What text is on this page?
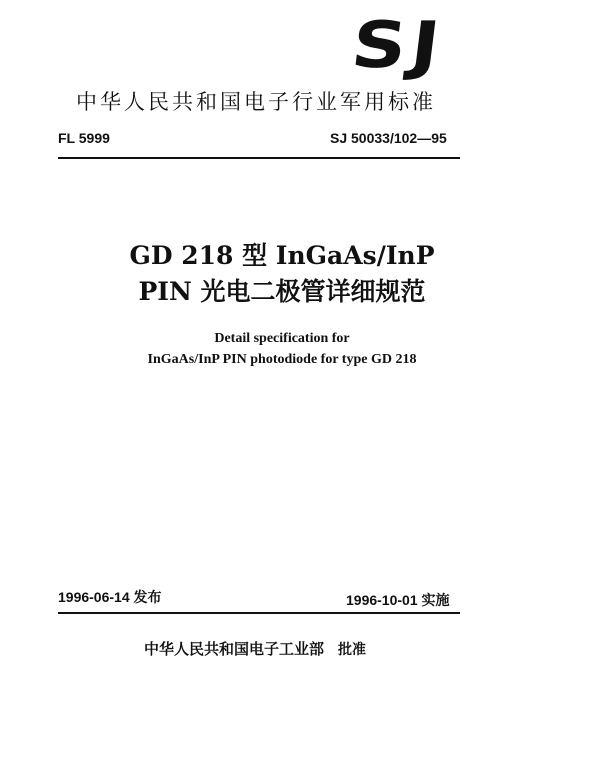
SJ
中华人民共和国电子行业军用标准
FL 5999	SJ 50033/102—95
GD 218 型 InGaAs/InP
PIN 光电二极管详细规范
Detail specification for
InGaAs/InP PIN photodiode for type GD 218
1996-06-14 发布	1996-10-01 实施
中华人民共和国电子工业部 批准
